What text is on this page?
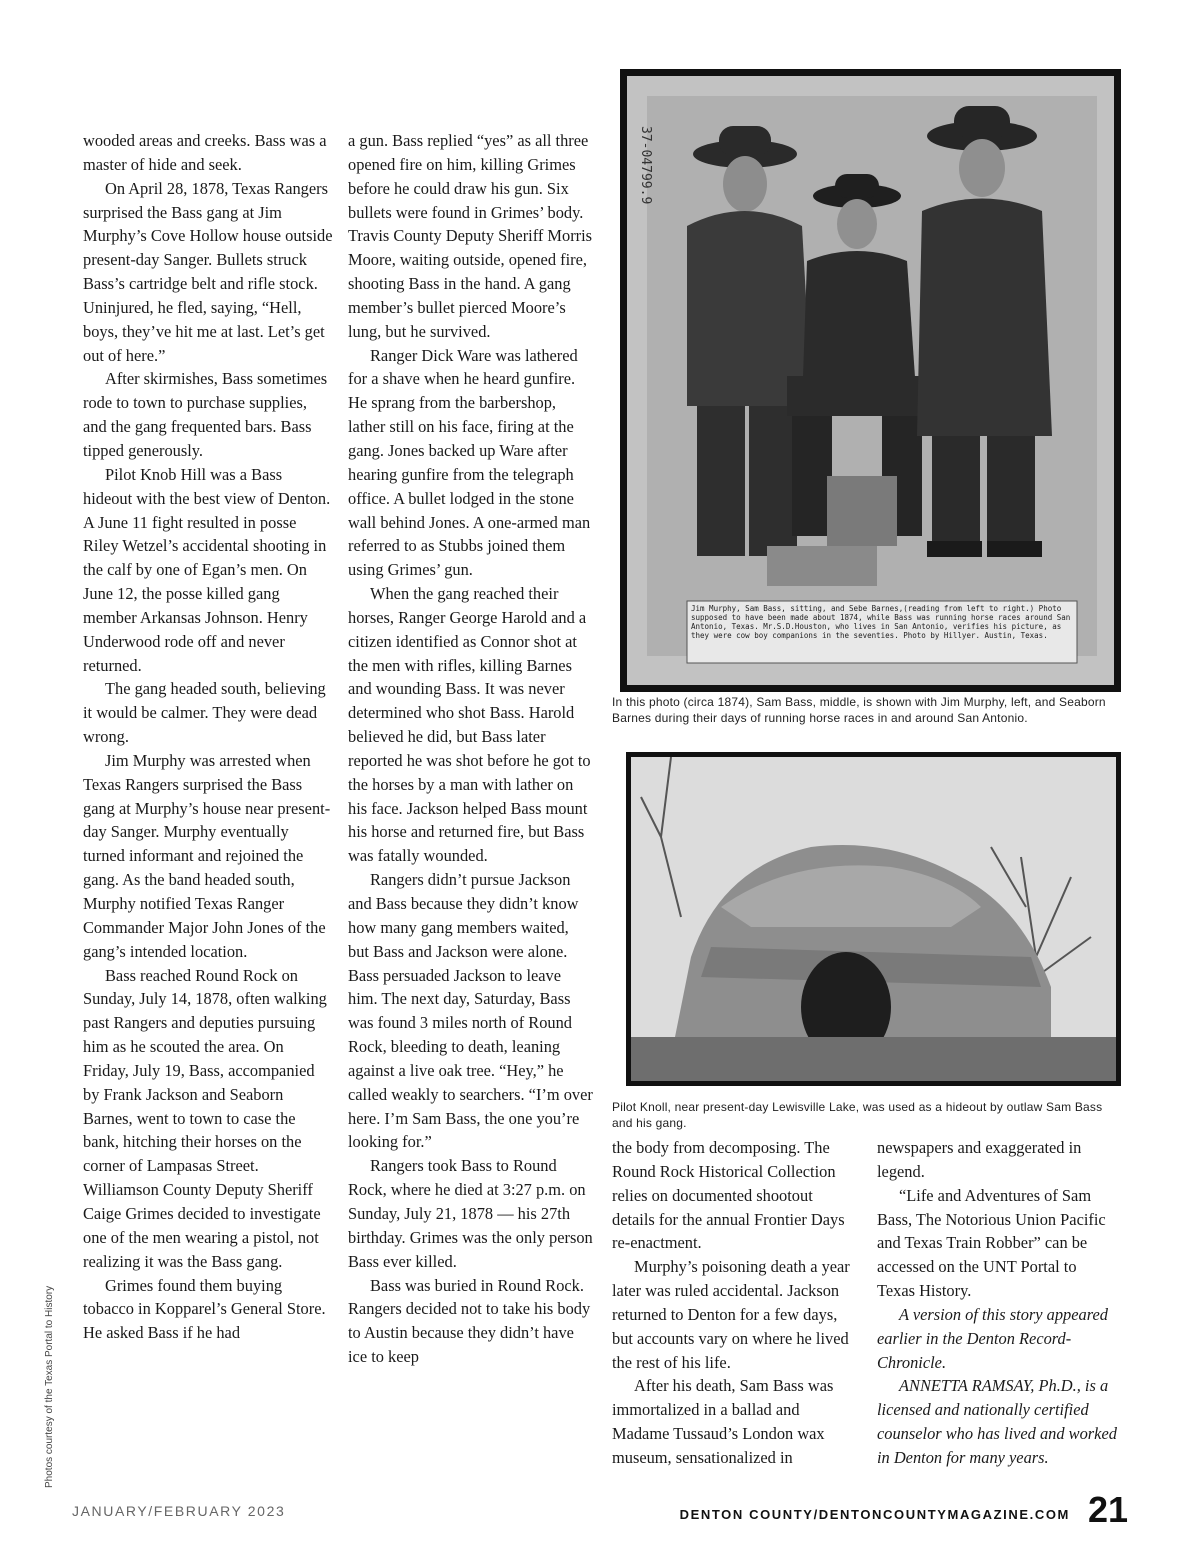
wooded areas and creeks. Bass was a master of hide and seek.

On April 28, 1878, Texas Rangers surprised the Bass gang at Jim Murphy’s Cove Hollow house outside present-day Sanger. Bullets struck Bass’s cartridge belt and rifle stock. Uninjured, he fled, saying, “Hell, boys, they’ve hit me at last. Let’s get out of here.”

After skirmishes, Bass sometimes rode to town to purchase supplies, and the gang frequented bars. Bass tipped generously.

Pilot Knob Hill was a Bass hideout with the best view of Denton. A June 11 fight resulted in posse Riley Wetzel’s accidental shooting in the calf by one of Egan’s men. On June 12, the posse killed gang member Arkansas Johnson. Henry Underwood rode off and never returned.

The gang headed south, believing it would be calmer. They were dead wrong.

Jim Murphy was arrested when Texas Rangers surprised the Bass gang at Murphy’s house near present-day Sanger. Murphy eventually turned informant and rejoined the gang. As the band headed south, Murphy notified Texas Ranger Commander Major John Jones of the gang’s intended location.

Bass reached Round Rock on Sunday, July 14, 1878, often walking past Rangers and deputies pursuing him as he scouted the area. On Friday, July 19, Bass, accompanied by Frank Jackson and Seaborn Barnes, went to town to case the bank, hitching their horses on the corner of Lampasas Street. Williamson County Deputy Sheriff Caige Grimes decided to investigate one of the men wearing a pistol, not realizing it was the Bass gang.

Grimes found them buying tobacco in Kopparel’s General Store. He asked Bass if he had

a gun. Bass replied “yes” as all three opened fire on him, killing Grimes before he could draw his gun. Six bullets were found in Grimes’ body. Travis County Deputy Sheriff Morris Moore, waiting outside, opened fire, shooting Bass in the hand. A gang member’s bullet pierced Moore’s lung, but he survived.

Ranger Dick Ware was lathered for a shave when he heard gunfire. He sprang from the barbershop, lather still on his face, firing at the gang. Jones backed up Ware after hearing gunfire from the telegraph office. A bullet lodged in the stone wall behind Jones. A one-armed man referred to as Stubbs joined them using Grimes’ gun.

When the gang reached their horses, Ranger George Harold and a citizen identified as Connor shot at the men with rifles, killing Barnes and wounding Bass. It was never determined who shot Bass. Harold believed he did, but Bass later reported he was shot before he got to the horses by a man with lather on his face. Jackson helped Bass mount his horse and returned fire, but Bass was fatally wounded.

Rangers didn’t pursue Jackson and Bass because they didn’t know how many gang members waited, but Bass and Jackson were alone. Bass persuaded Jackson to leave him. The next day, Saturday, Bass was found 3 miles north of Round Rock, bleeding to death, leaning against a live oak tree. “Hey,” he called weakly to searchers. “I’m over here. I’m Sam Bass, the one you’re looking for.”

Rangers took Bass to Round Rock, where he died at 3:27 p.m. on Sunday, July 21, 1878 — his 27th birthday. Grimes was the only person Bass ever killed.

Bass was buried in Round Rock. Rangers decided not to take his body to Austin because they didn’t have ice to keep

37-04799.9
Jim Murphy, Sam Bass, sitting, and Sebe Barnes,(reading from left to right.) Photo supposed to have been made about 1874, while Bass was running horse races around San Antonio, Texas. Mr.S.D.Houston, who lives in San Antonio, verifies his picture, as they were cow boy companions in the seventies. Photo by Hillyer. Austin, Texas.
In this photo (circa 1874), Sam Bass, middle, is shown with Jim Murphy, left, and Seaborn Barnes during their days of running horse races in and around San Antonio.
Pilot Knoll, near present-day Lewisville Lake, was used as a hideout by outlaw Sam Bass and his gang.

the body from decomposing. The Round Rock Historical Collection relies on documented shootout details for the annual Frontier Days re-enactment.

Murphy’s poisoning death a year later was ruled accidental. Jackson returned to Denton for a few days, but accounts vary on where he lived the rest of his life.

After his death, Sam Bass was immortalized in a ballad and Madame Tussaud’s London wax museum, sensationalized in

newspapers and exaggerated in legend.

“Life and Adventures of Sam Bass, The Notorious Union Pacific and Texas Train Robber” can be accessed on the UNT Portal to Texas History.

A version of this story appeared earlier in the Denton Record-Chronicle.

ANNETTA RAMSAY, Ph.D., is a licensed and nationally certified counselor who has lived and worked in Denton for many years.

Photos courtesy of the Texas Portal to History
JANUARY/FEBRUARY 2023	DENTON COUNTY/DENTONCOUNTYMAGAZINE.COM 21
